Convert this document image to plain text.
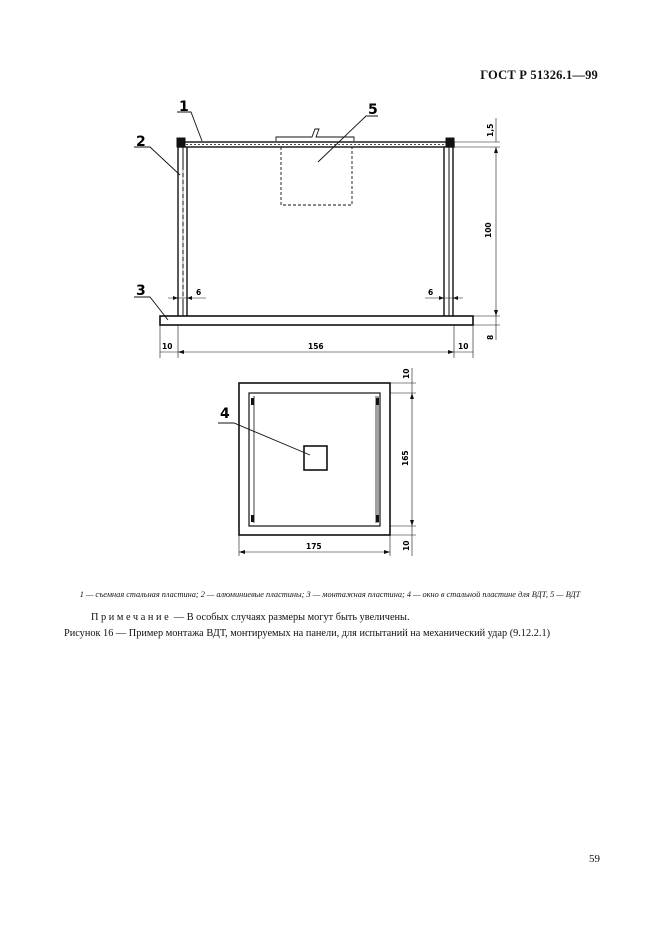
ГОСТ Р 51326.1—99
1
2
3
5
4
1,5
100
8
6	6
10	156	10
10
165
10
175
1 — съемная стальная пластина; 2 — алюминиевые пластины; 3 — монтажная пластина; 4 — окно в стальной пластине для ВДТ, 5 — ВДТ
Примечание — В особых случаях размеры могут быть увеличены.
Рисунок 16 — Пример монтажа ВДТ, монтируемых на панели, для испытаний на механический удар (9.12.2.1)
59
